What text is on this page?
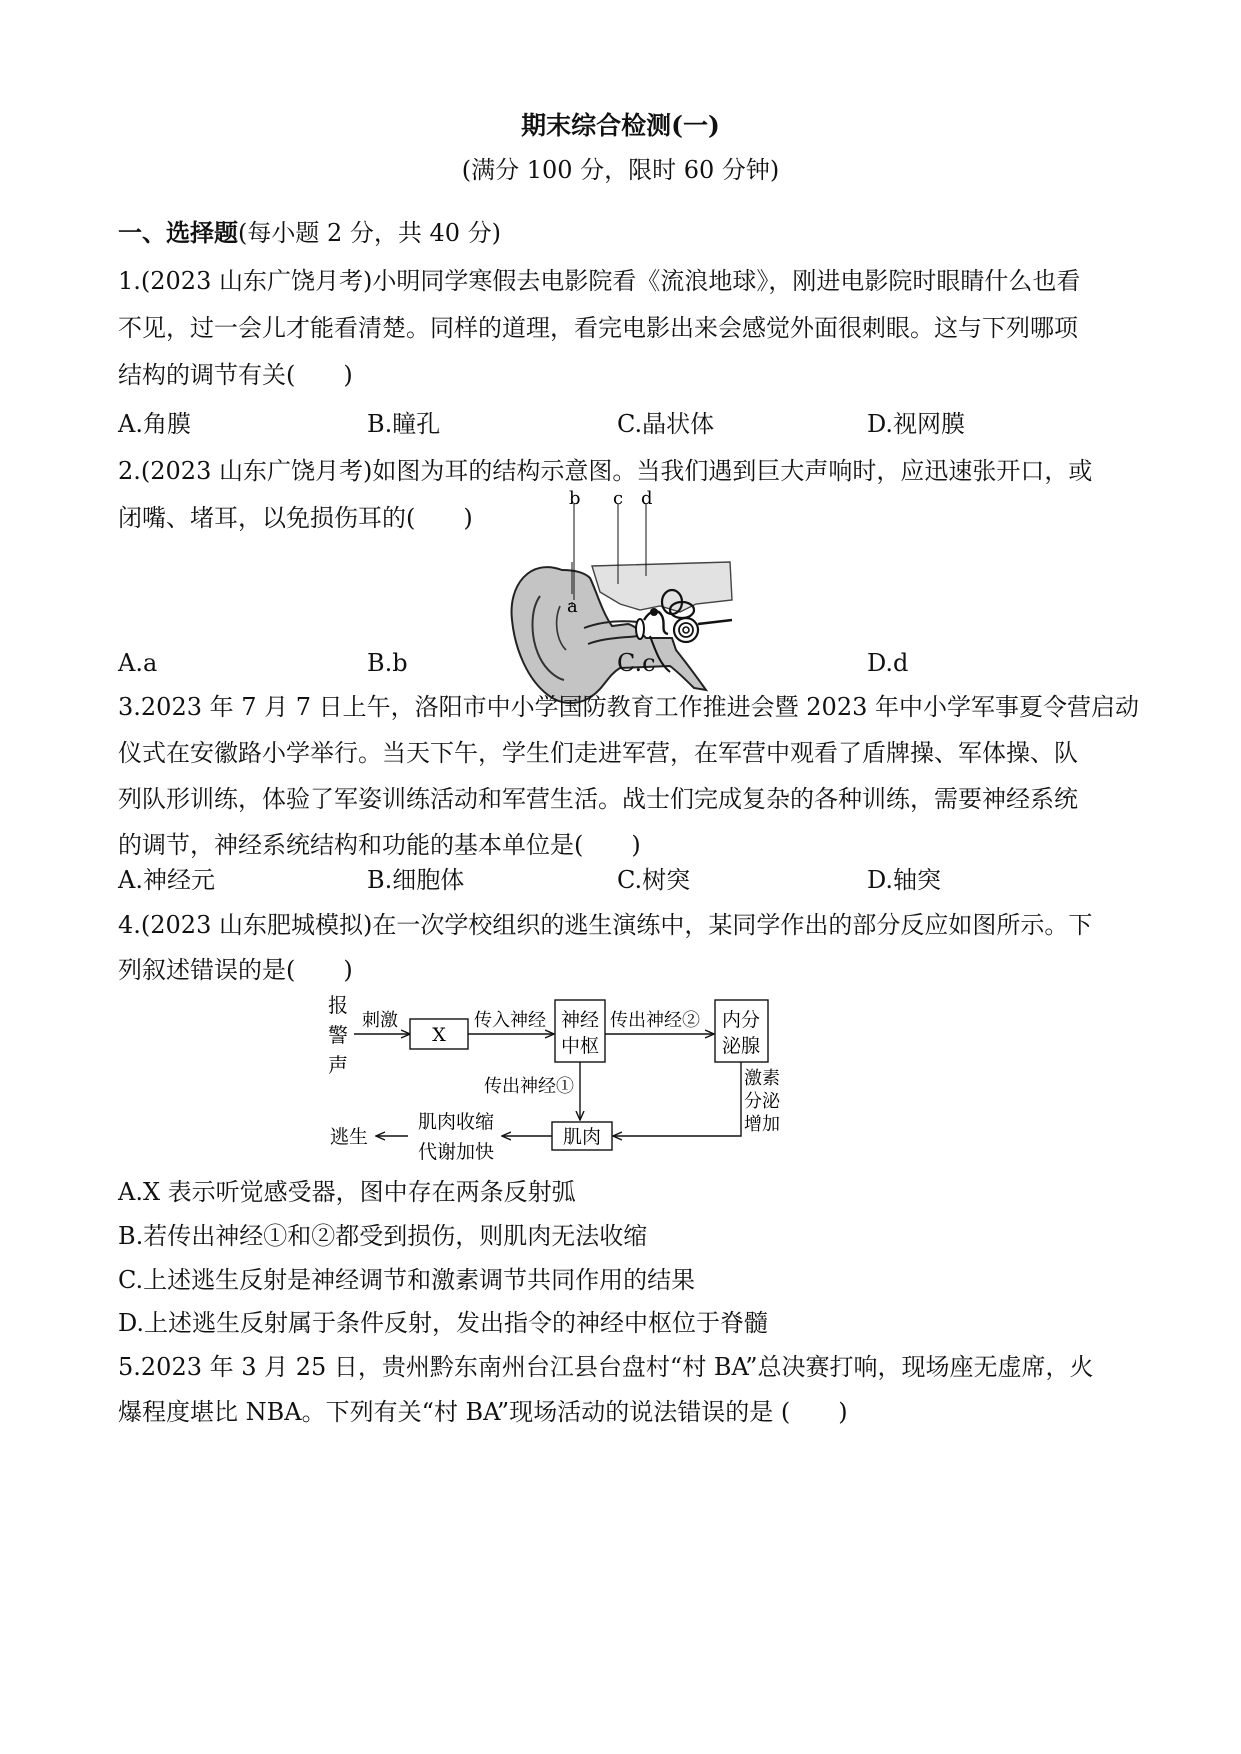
期末综合检测(一)
(满分 100 分，限时 60 分钟)
一、选择题(每小题 2 分，共 40 分)
1.(2023 山东广饶月考)小明同学寒假去电影院看《流浪地球》，刚进电影院时眼睛什么也看
不见，过一会儿才能看清楚。同样的道理，看完电影出来会感觉外面很刺眼。这与下列哪项
结构的调节有关(　　)
A.角膜	B.瞳孔	C.晶状体	D.视网膜
2.(2023 山东广饶月考)如图为耳的结构示意图。当我们遇到巨大声响时，应迅速张开口，或
闭嘴、堵耳，以免损伤耳的(　　)
b c d
a
A.a	B.b	C.c	D.d
3.2023 年 7 月 7 日上午，洛阳市中小学国防教育工作推进会暨 2023 年中小学军事夏令营启动
仪式在安徽路小学举行。当天下午，学生们走进军营，在军营中观看了盾牌操、军体操、队
列队形训练，体验了军姿训练活动和军营生活。战士们完成复杂的各种训练，需要神经系统
的调节，神经系统结构和功能的基本单位是(　　)
A.神经元	B.细胞体	C.树突	D.轴突
4.(2023 山东肥城模拟)在一次学校组织的逃生演练中，某同学作出的部分反应如图所示。下
列叙述错误的是(　　)
报
警
声
刺激
X
传入神经 神经
中枢
传出神经② 内分
泌腺
传出神经①	激素
分泌
增加
肌肉
肌肉收缩
代谢加快
逃生
A.X 表示听觉感受器，图中存在两条反射弧
B.若传出神经①和②都受到损伤，则肌肉无法收缩
C.上述逃生反射是神经调节和激素调节共同作用的结果
D.上述逃生反射属于条件反射，发出指令的神经中枢位于脊髓
5.2023 年 3 月 25 日，贵州黔东南州台江县台盘村“村 BA”总决赛打响，现场座无虚席，火
爆程度堪比 NBA。下列有关“村 BA”现场活动的说法错误的是 (　　)
